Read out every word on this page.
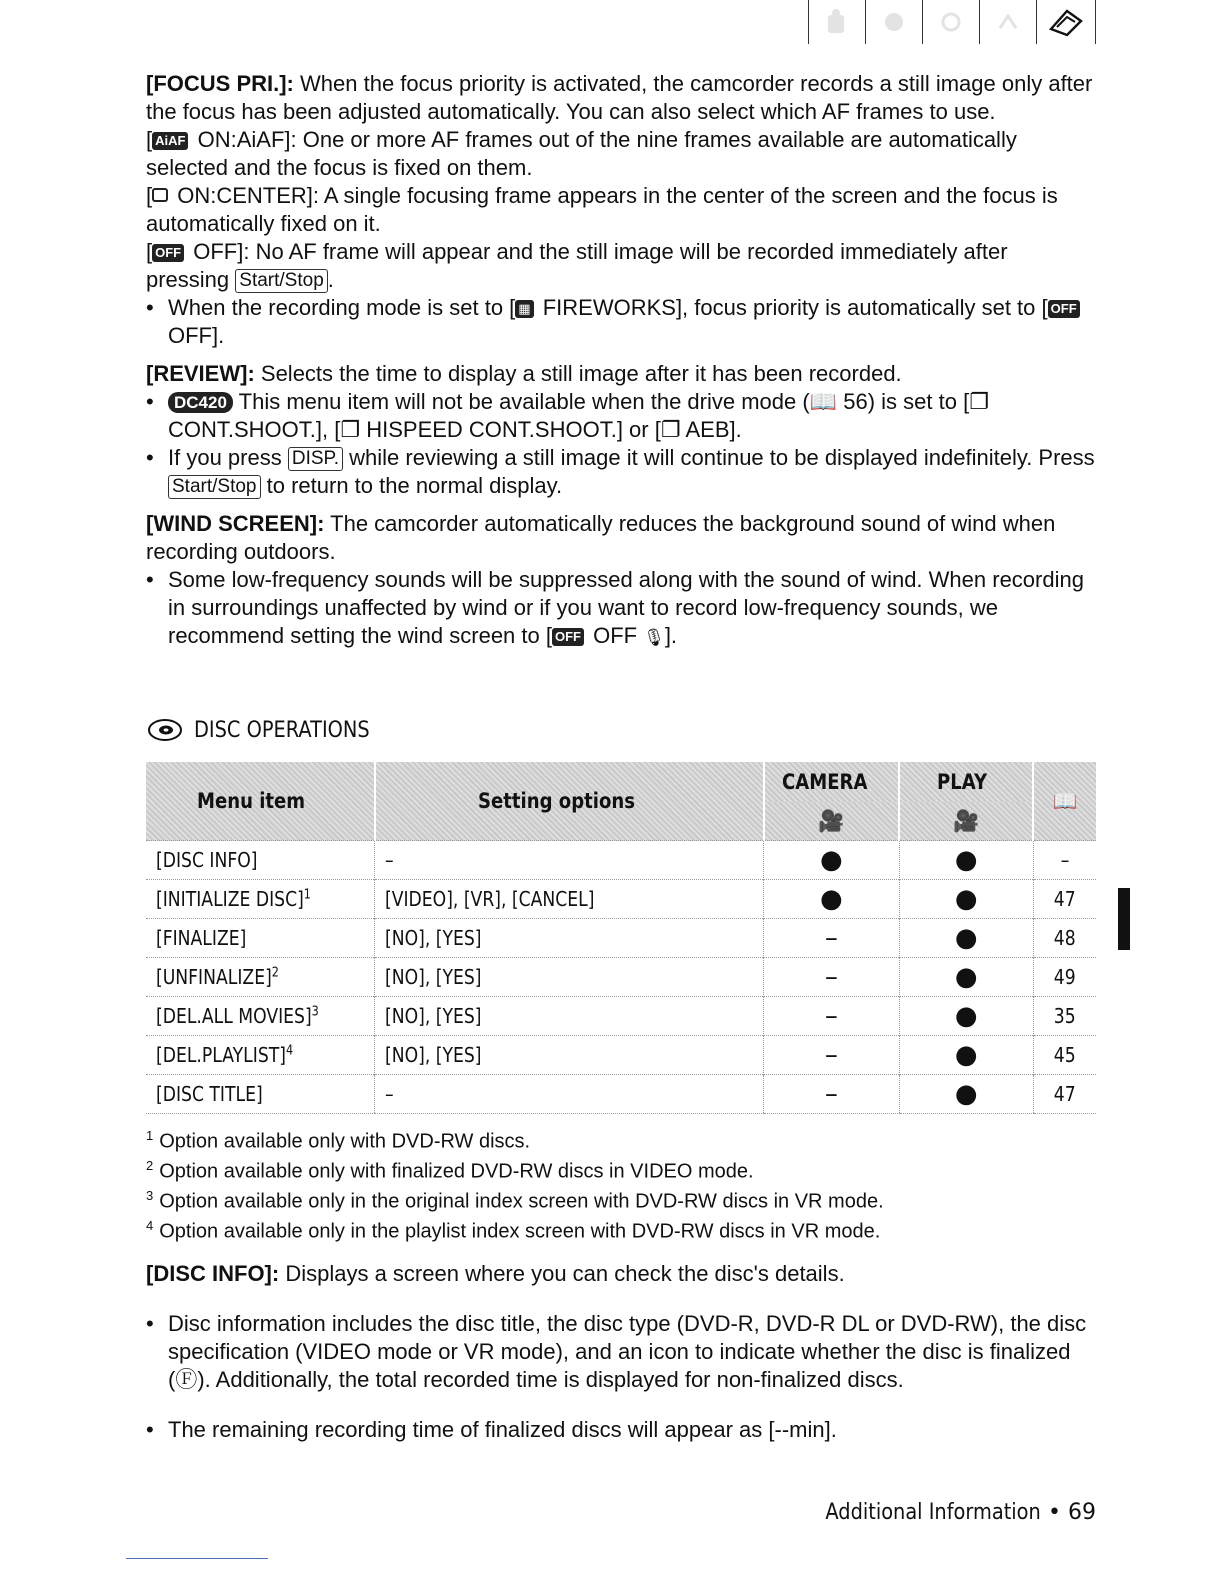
[FOCUS PRI.]: When the focus priority is activated, the camcorder records a still image only after the focus has been adjusted automatically. You can also select which AF frames to use.

[ AiAF ON:AiAF]: One or more AF frames out of the nine frames available are automatically selected and the focus is fixed on them.

[ ON:CENTER]: A single focusing frame appears in the center of the screen and the focus is automatically fixed on it.

[ OFF OFF]: No AF frame will appear and the still image will be recorded immediately after pressing Start/Stop .

• When the recording mode is set to [ ▦ FIREWORKS], focus priority is automatically set to [ OFF OFF].

[REVIEW]: Selects the time to display a still image after it has been recorded.

• DC420 This menu item will not be available when the drive mode (📖 56) is set to [❐ CONT.SHOOT.], [❐ HISPEED CONT.SHOOT.] or [❐ AEB].

• If you press DISP. while reviewing a still image it will continue to be displayed indefinitely. Press Start/Stop to return to the normal display.

[WIND SCREEN]: The camcorder automatically reduces the background sound of wind when recording outdoors.

• Some low-frequency sounds will be suppressed along with the sound of wind. When recording in surroundings unaffected by wind or if you want to record low-frequency sounds, we recommend setting the wind screen to [ OFF OFF 🎙].

DISC OPERATIONS
Menu item	Setting options	CAMERA	PLAY	📖
		🎥	🎥	
[DISC INFO]	–	●	●	–
[INITIALIZE DISC]$^1$	[VIDEO], [VR], [CANCEL]	●	●	47
[FINALIZE]	[NO], [YES]	–	●	48
[UNFINALIZE]$^2$	[NO], [YES]	–	●	49
[DEL.ALL MOVIES]$^3$	[NO], [YES]	–	●	35
[DEL.PLAYLIST]$^4$	[NO], [YES]	–	●	45
[DISC TITLE]	–	–	●	47
$^1$ Option available only with DVD-RW discs.
$^2$ Option available only with finalized DVD-RW discs in VIDEO mode.
$^3$ Option available only in the original index screen with DVD-RW discs in VR mode.
$^4$ Option available only in the playlist index screen with DVD-RW discs in VR mode.

[DISC INFO]: Displays a screen where you can check the disc's details.

• Disc information includes the disc title, the disc type (DVD-R, DVD-R DL or DVD-RW), the disc specification (VIDEO mode or VR mode), and an icon to indicate whether the disc is finalized (Ⓕ). Additionally, the total recorded time is displayed for non-finalized discs.

• The remaining recording time of finalized discs will appear as [--min].

Additional Information • 69
